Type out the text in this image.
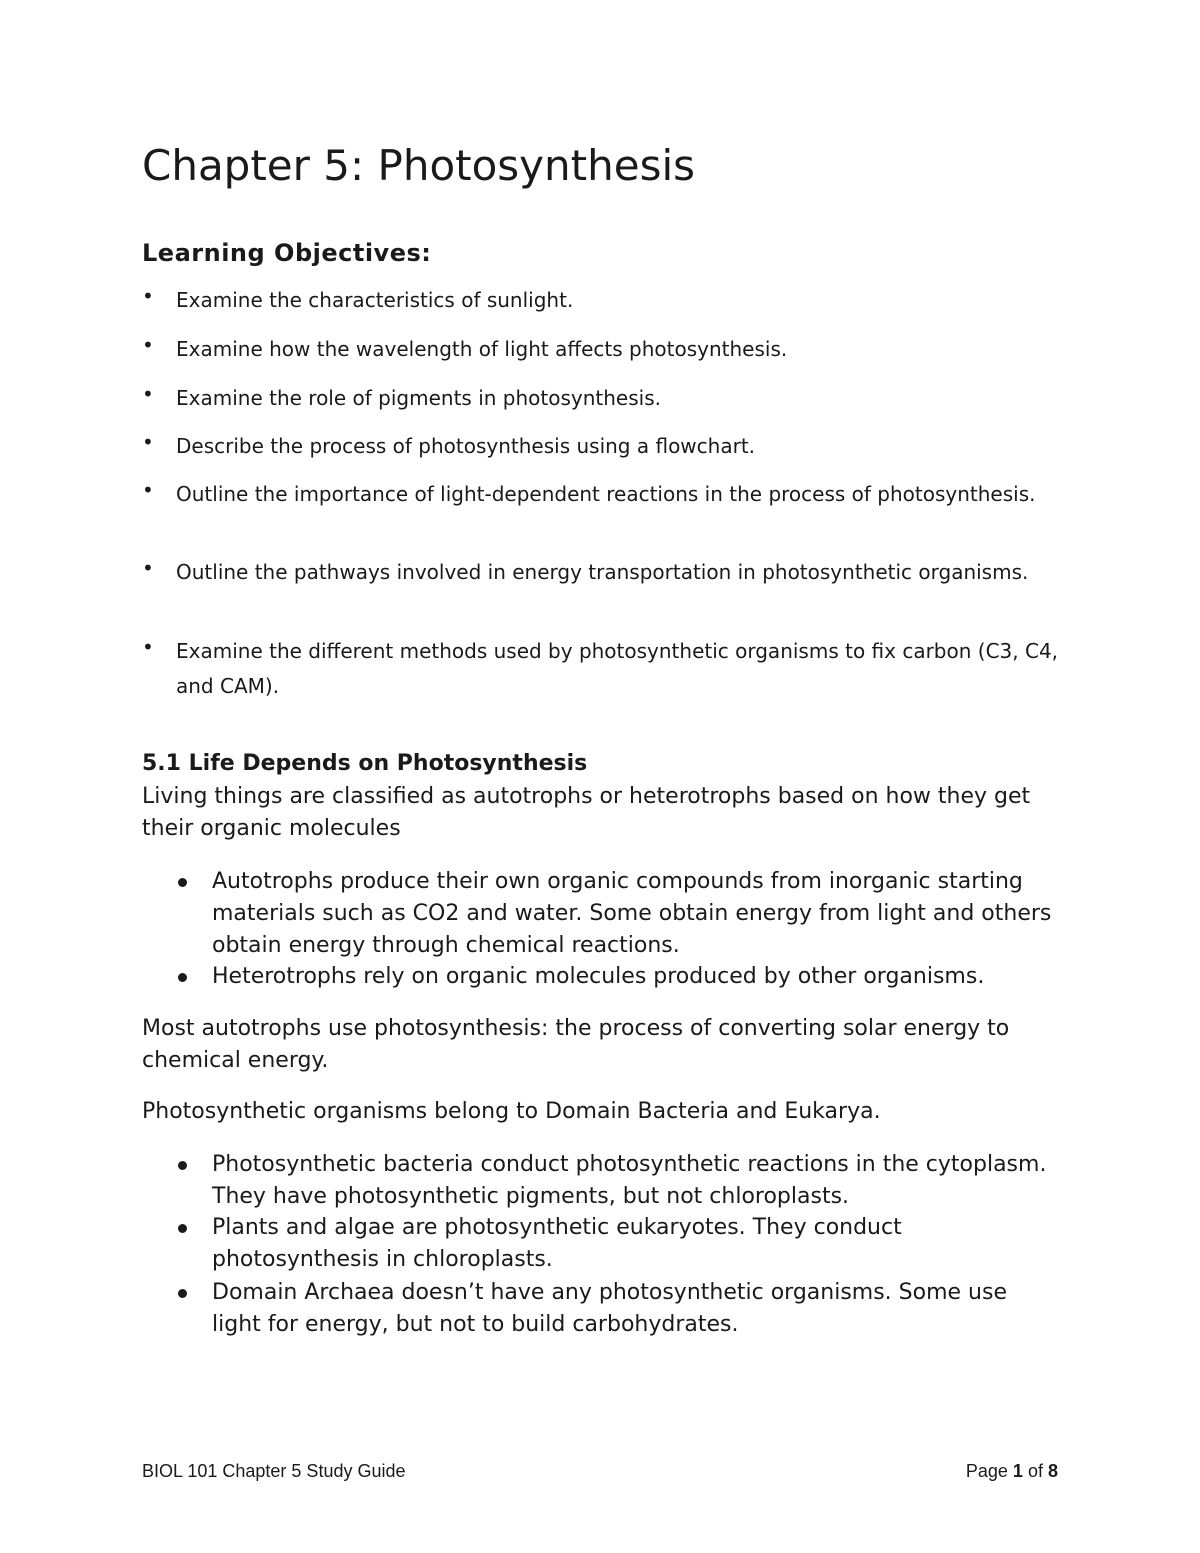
Chapter 5: Photosynthesis
Learning Objectives:
• Examine the characteristics of sunlight.
• Examine how the wavelength of light affects photosynthesis.
• Examine the role of pigments in photosynthesis.
• Describe the process of photosynthesis using a flowchart.
• Outline the importance of light-dependent reactions in the process of photosynthesis.
• Outline the pathways involved in energy transportation in photosynthetic organisms.
• Examine the different methods used by photosynthetic organisms to fix carbon (C3, C4, and CAM).
5.1 Life Depends on Photosynthesis

Living things are classified as autotrophs or heterotrophs based on how they get their organic molecules

Autotrophs produce their own organic compounds from inorganic starting materials such as CO2 and water. Some obtain energy from light and others obtain energy through chemical reactions.
Heterotrophs rely on organic molecules produced by other organisms.

Most autotrophs use photosynthesis: the process of converting solar energy to chemical energy.

Photosynthetic organisms belong to Domain Bacteria and Eukarya.

Photosynthetic bacteria conduct photosynthetic reactions in the cytoplasm. They have photosynthetic pigments, but not chloroplasts.
Plants and algae are photosynthetic eukaryotes. They conduct photosynthesis in chloroplasts.
Domain Archaea doesn’t have any photosynthetic organisms. Some use light for energy, but not to build carbohydrates.
BIOL 101 Chapter 5 Study Guide	Page 1 of 8
